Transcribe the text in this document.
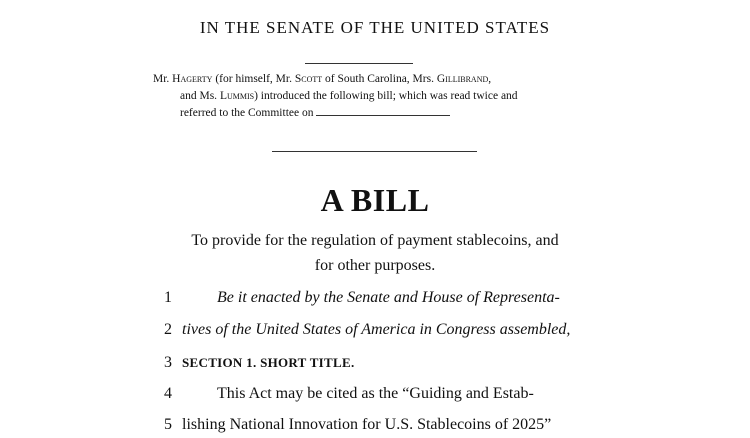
IN THE SENATE OF THE UNITED STATES
Mr. Hagerty (for himself, Mr. Scott of South Carolina, Mrs. Gillibrand,
and Ms. Lummis) introduced the following bill; which was read twice and
referred to the Committee on
A BILL
To provide for the regulation of payment stablecoins, and
for other purposes.
1	Be it enacted by the Senate and House of Representa-
2 tives of the United States of America in Congress assembled,
3 SECTION 1. SHORT TITLE.
4	This Act may be cited as the “Guiding and Estab-
5 lishing National Innovation for U.S. Stablecoins of 2025”
